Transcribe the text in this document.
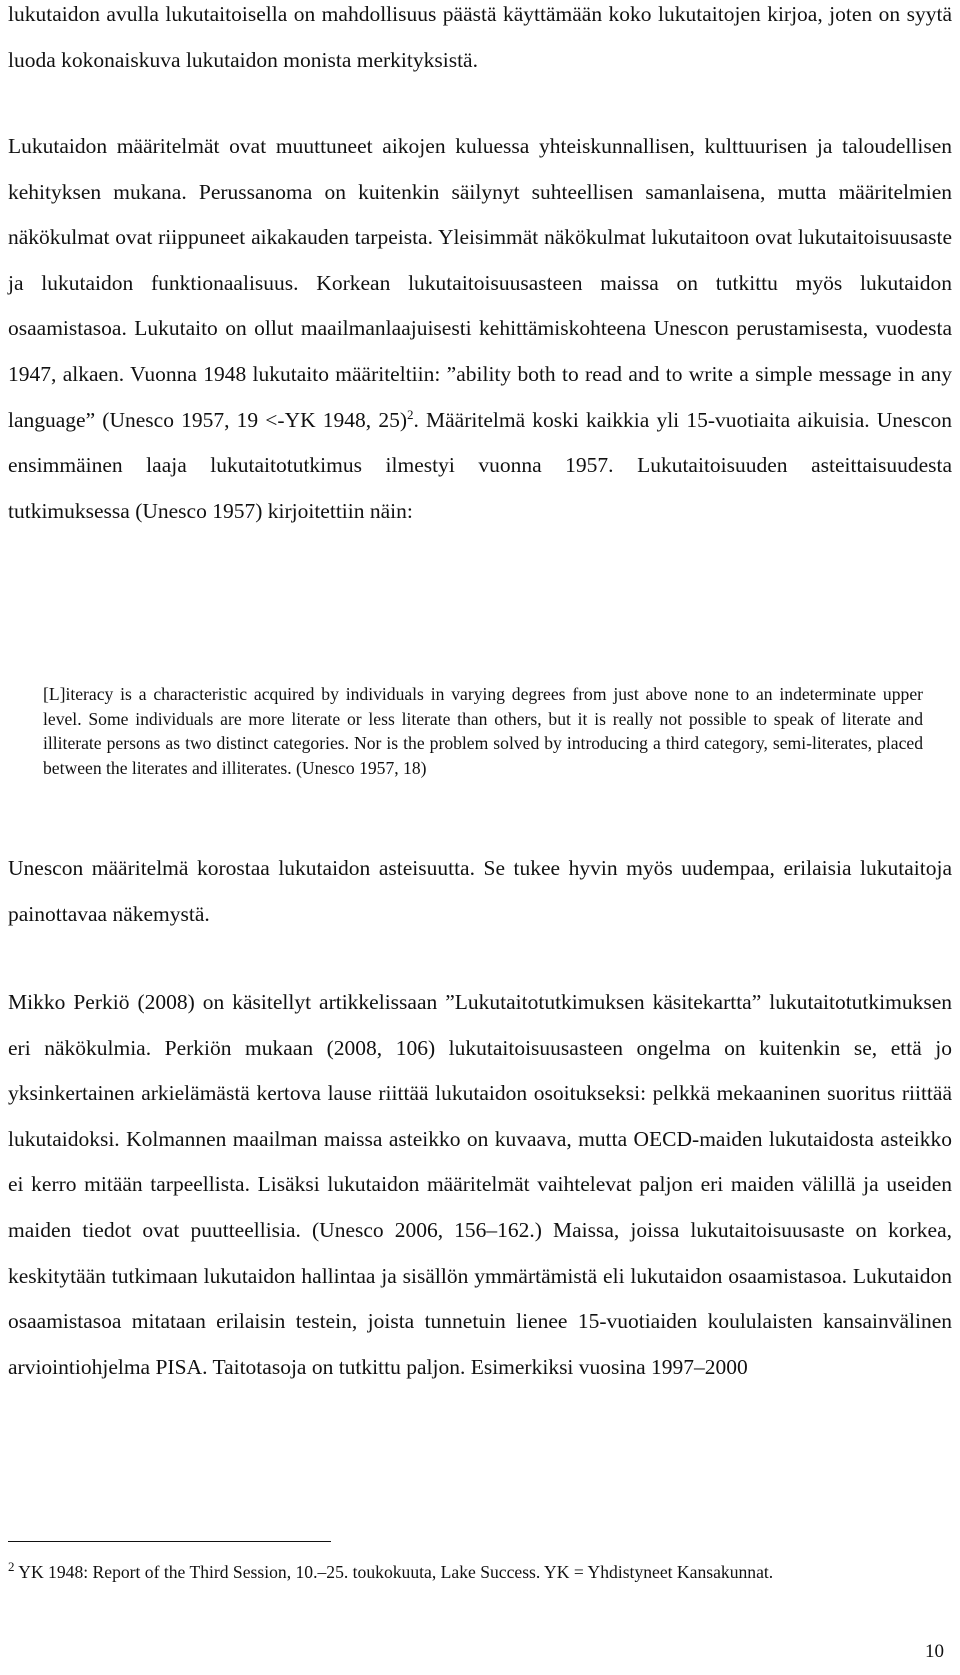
lukutaidon avulla lukutaitoisella on mahdollisuus päästä käyttämään koko lukutaitojen kirjoa, joten on syytä luoda kokonaiskuva lukutaidon monista merkityksistä.

Lukutaidon määritelmät ovat muuttuneet aikojen kuluessa yhteiskunnallisen, kulttuurisen ja taloudellisen kehityksen mukana. Perussanoma on kuitenkin säilynyt suhteellisen samanlaisena, mutta määritelmien näkökulmat ovat riippuneet aikakauden tarpeista. Yleisimmät näkökulmat lukutaitoon ovat lukutaitoisuusaste ja lukutaidon funktionaalisuus. Korkean lukutaitoisuusasteen maissa on tutkittu myös lukutaidon osaamistasoa. Lukutaito on ollut maailmanlaajuisesti kehittämiskohteena Unescon perustamisesta, vuodesta 1947, alkaen. Vuonna 1948 lukutaito määriteltiin: ”ability both to read and to write a simple message in any language” (Unesco 1957, 19 <-YK 1948, 25)$^2$. Määritelmä koski kaikkia yli 15-vuotiaita aikuisia. Unescon ensimmäinen laaja lukutaitotutkimus ilmestyi vuonna 1957. Lukutaitoisuuden asteittaisuudesta tutkimuksessa (Unesco 1957) kirjoitettiin näin:

[L]iteracy is a characteristic acquired by individuals in varying degrees from just above none to an indeterminate upper level. Some individuals are more literate or less literate than others, but it is really not possible to speak of literate and illiterate persons as two distinct categories. Nor is the problem solved by introducing a third category, semi-literates, placed between the literates and illiterates. (Unesco 1957, 18)

Unescon määritelmä korostaa lukutaidon asteisuutta. Se tukee hyvin myös uudempaa, erilaisia lukutaitoja painottavaa näkemystä.

Mikko Perkiö (2008) on käsitellyt artikkelissaan ”Lukutaitotutkimuksen käsitekartta” lukutaitotutkimuksen eri näkökulmia. Perkiön mukaan (2008, 106) lukutaitoisuusasteen ongelma on kuitenkin se, että jo yksinkertainen arkielämästä kertova lause riittää lukutaidon osoitukseksi: pelkkä mekaaninen suoritus riittää lukutaidoksi. Kolmannen maailman maissa asteikko on kuvaava, mutta OECD-maiden lukutaidosta asteikko ei kerro mitään tarpeellista. Lisäksi lukutaidon määritelmät vaihtelevat paljon eri maiden välillä ja useiden maiden tiedot ovat puutteellisia. (Unesco 2006, 156–162.) Maissa, joissa lukutaitoisuusaste on korkea, keskitytään tutkimaan lukutaidon hallintaa ja sisällön ymmärtämistä eli lukutaidon osaamistasoa. Lukutaidon osaamistasoa mitataan erilaisin testein, joista tunnetuin lienee 15-vuotiaiden koululaisten kansainvälinen arviointiohjelma PISA. Taitotasoja on tutkittu paljon. Esimerkiksi vuosina 1997–2000

$^2$ YK 1948: Report of the Third Session, 10.–25. toukokuuta, Lake Success. YK = Yhdistyneet Kansakunnat.

10
